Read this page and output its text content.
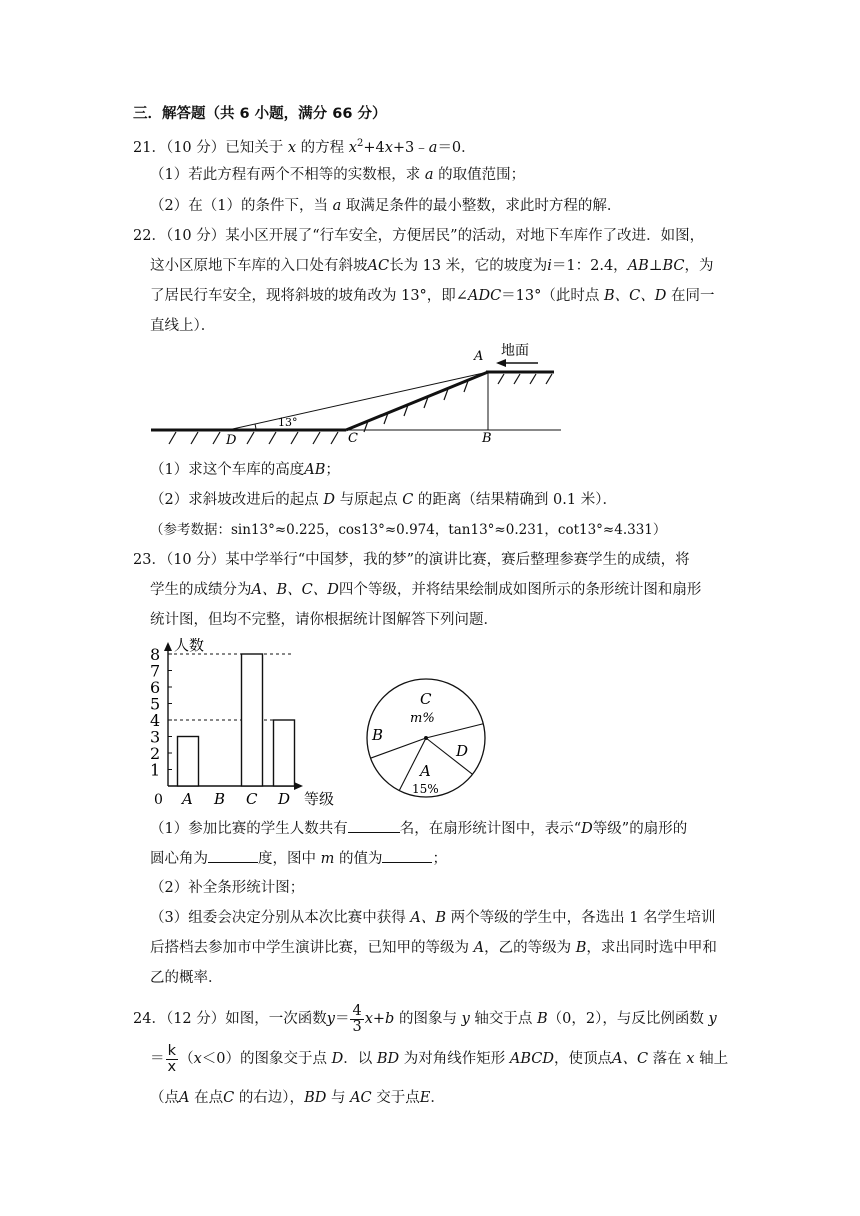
三．解答题（共 6 小题，满分 66 分）
21．（10 分）已知关于 x 的方程 $x^2+4x+3﹣a=0$．
（1）若此方程有两个不相等的实数根，求 a 的取值范围；
（2）在（1）的条件下，当 a 取满足条件的最小整数，求此时方程的解．
22．（10 分）某小区开展了“行车安全，方便居民”的活动，对地下车库作了改进．如图，
这小区原地下车库的入口处有斜坡AC长为 13 米，它的坡度为i＝1：2.4，AB⊥BC，为
了居民行车安全，现将斜坡的坡角改为 13°，即∠ADC＝13°（此时点 B、C、D 在同一
直线上）．
A 地面
13°
D	C	B
（1）求这个车库的高度AB；
（2）求斜坡改进后的起点 D 与原起点 C 的距离（结果精确到 0.1 米）．
（参考数据：sin13°≈0.225，cos13°≈0.974，tan13°≈0.231，cot13°≈4.331）
23．（10 分）某中学举行“中国梦，我的梦”的演讲比赛，赛后整理参赛学生的成绩，将
学生的成绩分为A、B、C、D四个等级，并将结果绘制成如图所示的条形统计图和扇形
统计图，但均不完整，请你根据统计图解答下列问题．
人数
等级
0
1
2
3
4
5
6
7
8
A B C D
C
m%
D
A
15%
B
（1）参加比赛的学生人数共有	名，在扇形统计图中，表示“D等级”的扇形的
圆心角为	度，图中 m 的值为	；
（2）补全条形统计图；
（3）组委会决定分别从本次比赛中获得 A、B 两个等级的学生中，各选出 1 名学生培训
后搭档去参加市中学生演讲比赛，已知甲的等级为 A，乙的等级为 B，求出同时选中甲和
乙的概率．
24．（12 分）如图，一次函数$y= \frac{4}{3} x+b$ 的图象与 y 轴交于点 B（0，2），与反比例函数 y
＝ $\frac{k}{x} (x<0)$的图象交于点 D．以 BD 为对角线作矩形 ABCD，使顶点A、C 落在 x 轴上
（点A 在点C 的右边），BD 与 AC 交于点E．
